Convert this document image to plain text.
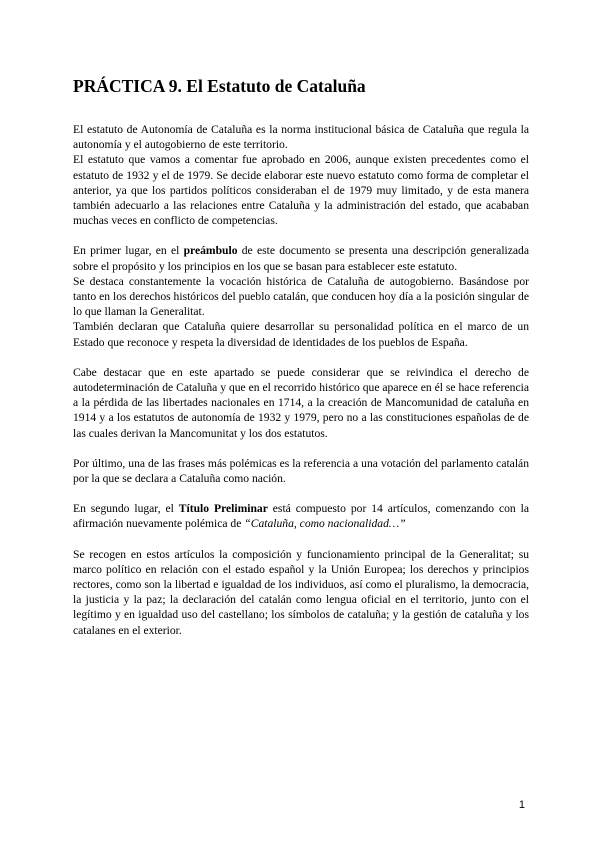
PRÁCTICA 9. El Estatuto de Cataluña

El estatuto de Autonomía de Cataluña es la norma institucional básica de Cataluña que regula la autonomía y el autogobierno de este territorio.

El estatuto que vamos a comentar fue aprobado en 2006, aunque existen precedentes como el estatuto de 1932 y el de 1979. Se decide elaborar este nuevo estatuto como forma de completar el anterior, ya que los partidos políticos consideraban el de 1979 muy limitado, y de esta manera también adecuarlo a las relaciones entre Cataluña y la administración del estado, que acababan muchas veces en conflicto de competencias.

En primer lugar, en el preámbulo de este documento se presenta una descripción generalizada sobre el propósito y los principios en los que se basan para establecer este estatuto.

Se destaca constantemente la vocación histórica de Cataluña de autogobierno. Basándose por tanto en los derechos históricos del pueblo catalán, que conducen hoy día a la posición singular de lo que llaman la Generalitat.

También declaran que Cataluña quiere desarrollar su personalidad política en el marco de un Estado que reconoce y respeta la diversidad de identidades de los pueblos de España.

Cabe destacar que en este apartado se puede considerar que se reivindica el derecho de autodeterminación de Cataluña y que en el recorrido histórico que aparece en él se hace referencia a la pérdida de las libertades nacionales en 1714, a la creación de Mancomunidad de cataluña en 1914 y a los estatutos de autonomía de 1932 y 1979, pero no a las constituciones españolas de de las cuales derivan la Mancomunitat y los dos estatutos.

Por último, una de las frases más polémicas es la referencia a una votación del parlamento catalán por la que se declara a Cataluña como nación.

En segundo lugar, el Título Preliminar está compuesto por 14 artículos, comenzando con la afirmación nuevamente polémica de “Cataluña, como nacionalidad…”

Se recogen en estos artículos la composición y funcionamiento principal de la Generalitat; su marco político en relación con el estado español y la Unión Europea; los derechos y principios rectores, como son la libertad e igualdad de los individuos, así como el pluralismo, la democracia, la justicia y la paz; la declaración del catalán como lengua oficial en el territorio, junto con el legítimo y en igualdad uso del castellano; los símbolos de cataluña; y la gestión de cataluña y los catalanes en el exterior.

1
